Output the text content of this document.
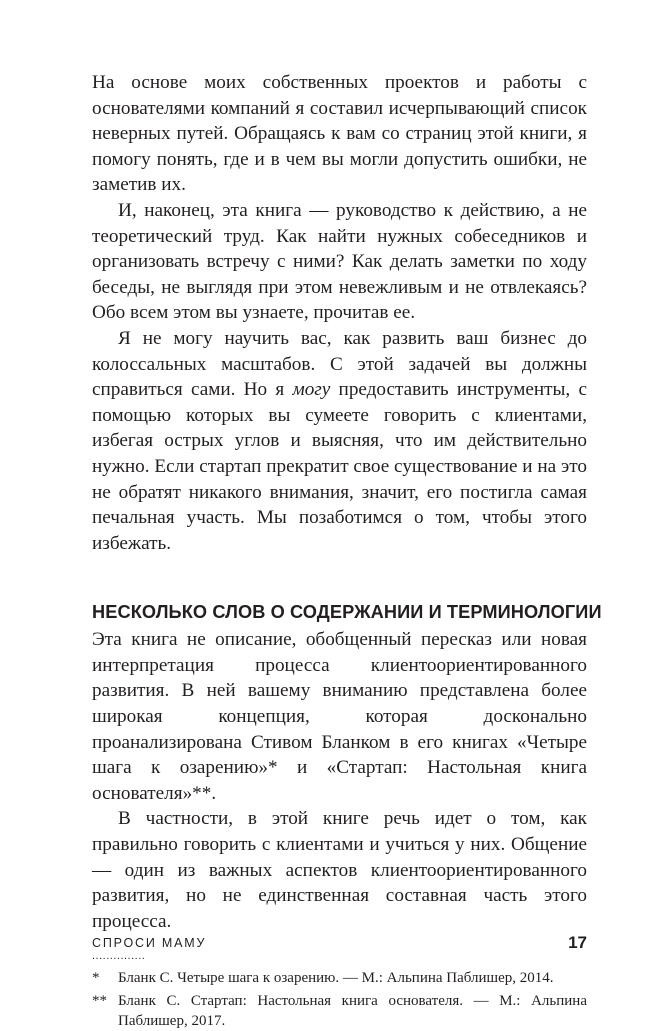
На основе моих собственных проектов и работы с основателями компаний я составил исчерпывающий список неверных путей. Обращаясь к вам со страниц этой книги, я помогу понять, где и в чем вы могли допустить ошибки, не заметив их.

И, наконец, эта книга — руководство к действию, а не теоретический труд. Как найти нужных собеседников и организовать встречу с ними? Как делать заметки по ходу беседы, не выглядя при этом невежливым и не отвлекаясь? Обо всем этом вы узнаете, прочитав ее.

Я не могу научить вас, как развить ваш бизнес до колоссальных масштабов. С этой задачей вы должны справиться сами. Но я могу предоставить инструменты, с помощью которых вы сумеете говорить с клиентами, избегая острых углов и выясняя, что им действительно нужно. Если стартап прекратит свое существование и на это не обратят никакого внимания, значит, его постигла самая печальная участь. Мы позаботимся о том, чтобы этого избежать.

НЕСКОЛЬКО СЛОВ О СОДЕРЖАНИИ И ТЕРМИНОЛОГИИ

Эта книга не описание, обобщенный пересказ или новая интерпретация процесса клиентоориентированного развития. В ней вашему вниманию представлена более широкая концепция, которая досконально проанализирована Стивом Бланком в его книгах «Четыре шага к озарению»* и «Стартап: Настольная книга основателя»**.

В частности, в этой книге речь идет о том, как правильно говорить с клиентами и учиться у них. Общение — один из важных аспектов клиентоориентированного развития, но не единственная составная часть этого процесса.

...............
*	Бланк С. Четыре шага к озарению. — М.: Альпина Паблишер, 2014.
** Бланк С. Стартап: Настольная книга основателя. — М.: Альпина Паблишер, 2017.
СПРОСИ МАМУ	17
